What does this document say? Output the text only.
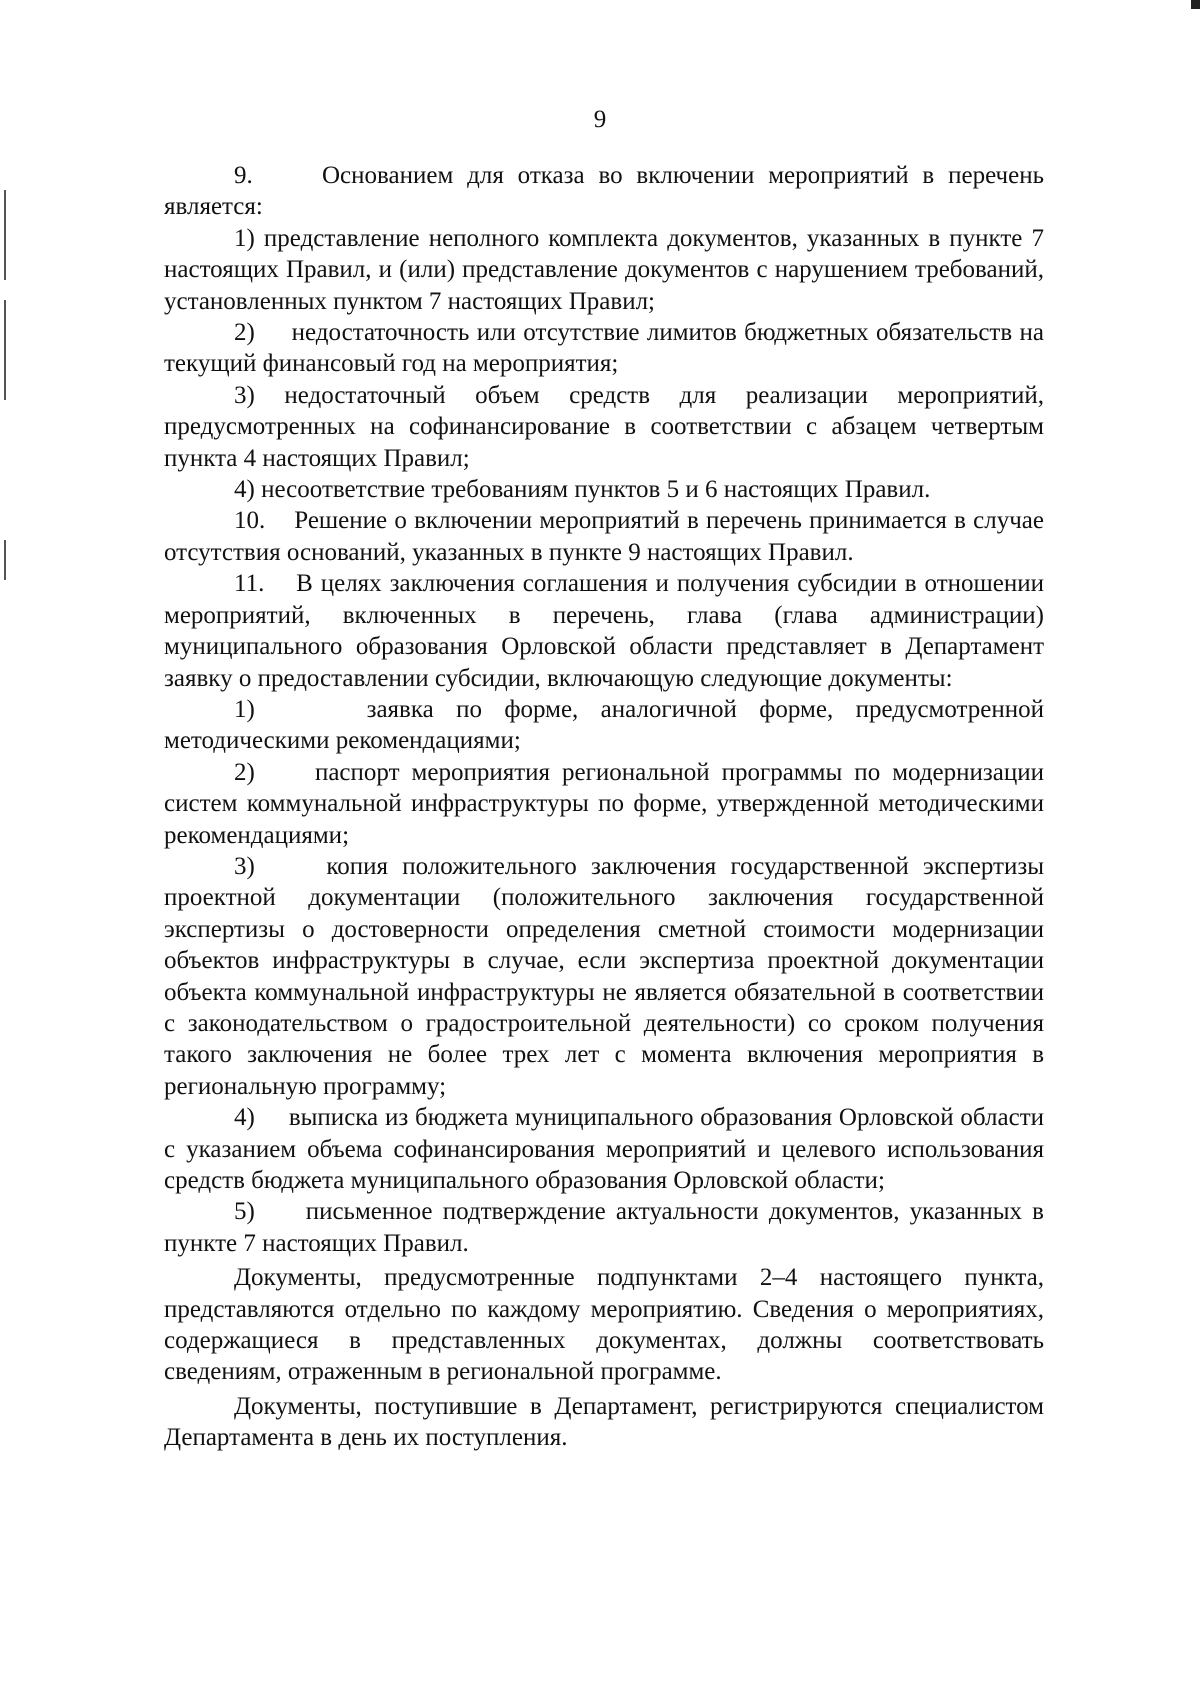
9

9.     Основанием для отказа во включении мероприятий в перечень является:

1) представление неполного комплекта документов, указанных в пункте 7 настоящих Правил, и (или) представление документов с нарушением требований, установленных пунктом 7 настоящих Правил;

2)     недостаточность или отсутствие лимитов бюджетных обязательств на текущий финансовый год на мероприятия;

3) недостаточный объем средств для реализации мероприятий, предусмотренных на софинансирование в соответствии с абзацем четвертым пункта 4 настоящих Правил;

4) несоответствие требованиям пунктов 5 и 6 настоящих Правил.

10.    Решение о включении мероприятий в перечень принимается в случае отсутствия оснований, указанных в пункте 9 настоящих Правил.

11.    В целях заключения соглашения и получения субсидии в отношении мероприятий, включенных в перечень, глава (глава администрации) муниципального образования Орловской области представляет в Департамент заявку о предоставлении субсидии, включающую следующие документы:

1)     заявка по форме, аналогичной форме, предусмотренной методическими рекомендациями;

2)     паспорт мероприятия региональной программы по модернизации систем коммунальной инфраструктуры по форме, утвержденной методическими рекомендациями;

3)     копия положительного заключения государственной экспертизы проектной документации (положительного заключения государственной экспертизы о достоверности определения сметной стоимости модернизации объектов инфраструктуры в случае, если экспертиза проектной документации объекта коммунальной инфраструктуры не является обязательной в соответствии с законодательством о градостроительной деятельности) со сроком получения такого заключения не более трех лет с момента включения мероприятия в региональную программу;

4)     выписка из бюджета муниципального образования Орловской области с указанием объема софинансирования мероприятий и целевого использования средств бюджета муниципального образования Орловской области;

5)     письменное подтверждение актуальности документов, указанных в пункте 7 настоящих Правил.

Документы, предусмотренные подпунктами 2–4 настоящего пункта, представляются отдельно по каждому мероприятию. Сведения о мероприятиях, содержащиеся в представленных документах, должны соответствовать сведениям, отраженным в региональной программе.

Документы, поступившие в Департамент, регистрируются специалистом Департамента в день их поступления.
